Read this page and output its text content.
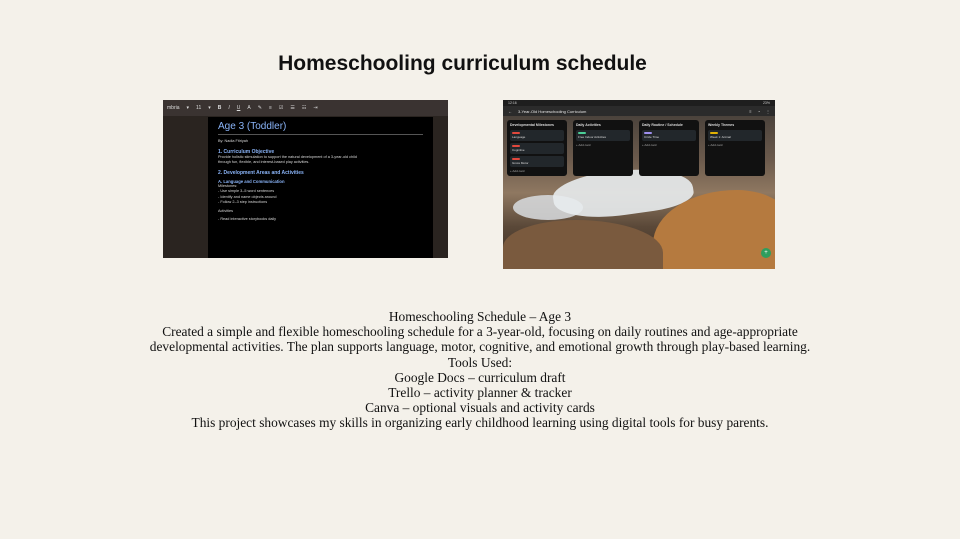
Homeschooling curriculum schedule
mbria ▾ 11 ▾ B I U A ✎ ≡ ☑ ☰ ☷ ⇥
Age 3 (Toddler)
By: Nadia Fitriyah
1. Curriculum Objective
Provide holistic stimulation to support the natural development of a 3-year-old child
through fun, flexible, and interest-based play activities.
2. Development Areas and Activities
A. Language and Communication
Milestones:
- Use simple 3–5 word sentences
- Identify and name objects around
- Follow 2–3 step instructions
Activities
- Read interactive storybooks daily
12:16	23%
← 3-Year-Old Homeschooling Curriculum	≡ ◔ ⋮
Developmental Milestones
Language
Cognitive
Gross Motor
+ Add card
Daily Activities
Free Indoor Activities
+ Add card
Daily Routine / Schedule
Circle Time
+ Add card
Weekly Themes
Week 1: Animal
+ Add card
+
Homeschooling Schedule – Age 3
Created a simple and flexible homeschooling schedule for a 3-year-old, focusing on daily routines and age-appropriate developmental activities. The plan supports language, motor, cognitive, and emotional growth through play-based learning.
Tools Used:
Google Docs – curriculum draft
Trello – activity planner & tracker
Canva – optional visuals and activity cards
This project showcases my skills in organizing early childhood learning using digital tools for busy parents.
